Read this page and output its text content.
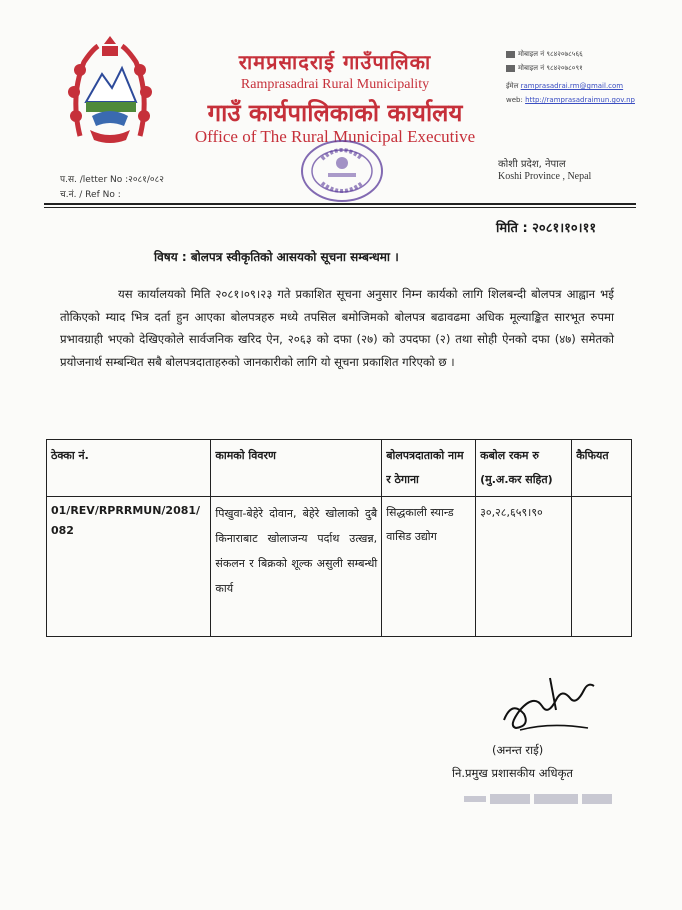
रामप्रसादराई गाउँपालिका
Ramprasadrai Rural Municipality
गाउँ कार्यपालिकाको कार्यालय
Office of The Rural Municipal Executive
मोबाइल नं ९८४२०७८५६६
मोबाइल नं ९८४२०७८०९१
ईमेल ramprasadrai.rm@gmail.com
web: http://ramprasadraimun.gov.np
कोशी प्रदेश, नेपाल
Koshi Province , Nepal
प.स. /letter No :२०८१/०८२
च.नं. / Ref No :
मिति : २०८१।१०।११
विषय : बोलपत्र स्वीकृतिको आसयको सूचना सम्बन्धमा ।
यस कार्यालयको मिति २०८१।०९।२३ गते प्रकाशित सूचना अनुसार निम्न कार्यको लागि शिलबन्दी बोलपत्र आह्वान भई तोकिएको म्याद भित्र दर्ता हुन आएका बोलपत्रहरु मध्ये तपसिल बमोजिमको बोलपत्र बढावढमा अधिक मूल्याङ्कित सारभूत रुपमा प्रभावग्राही भएको देखिएकोले सार्वजनिक खरिद ऐन, २०६३ को दफा (२७) को उपदफा (२) तथा सोही ऐनको दफा (४७) समेतको प्रयोजनार्थ सम्बन्धित सबै बोलपत्रदाताहरुको जानकारीको लागि यो सूचना प्रकाशित गरिएको छ ।
ठेक्का नं.	कामको विवरण	बोलपत्रदाताको नाम र ठेगाना	कबोल रकम रु
(मु.अ.कर सहित)	कैफियत
01/REV/RPRRMUN/2081/082	पिखुवा-बेहेरे दोवान, बेहेरे खोलाको दुबै किनाराबाट खोलाजन्य पर्दाथ उत्खन्न, संकलन र बिक्रको शूल्क असुली सम्बन्धी कार्य	सिद्धकाली स्यान्ड वासिड उद्योग	३०,२८,६५९।९०	
(अनन्त राई)
नि.प्रमुख प्रशासकीय अधिकृत
